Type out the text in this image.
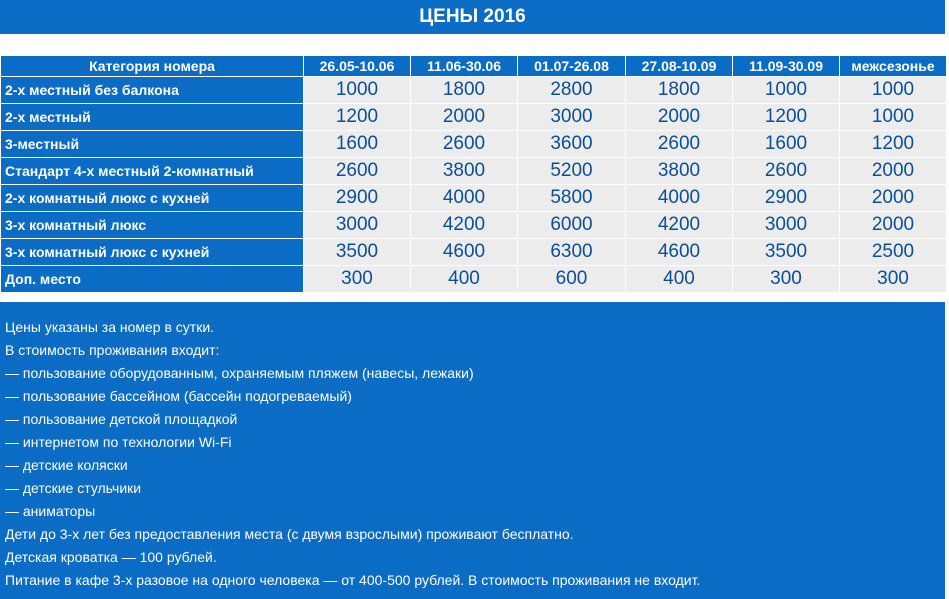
ЦЕНЫ 2016
Категория номера	26.05-10.06	11.06-30.06	01.07-26.08	27.08-10.09	11.09-30.09	межсезонье
2-х местный без балкона	1000	1800	2800	1800	1000	1000
2-х местный	1200	2000	3000	2000	1200	1000
3-местный	1600	2600	3600	2600	1600	1200
Стандарт 4-х местный 2-комнатный	2600	3800	5200	3800	2600	2000
2-х комнатный люкс с кухней	2900	4000	5800	4000	2900	2000
3-х комнатный люкс	3000	4200	6000	4200	3000	2000
3-х комнатный люкс с кухней	3500	4600	6300	4600	3500	2500
Доп. место	300	400	600	400	300	300
Цены указаны за номер в сутки.
В стоимость проживания входит:
— пользование оборудованным, охраняемым пляжем (навесы, лежаки)
— пользование бассейном (бассейн подогреваемый)
— пользование детской площадкой
— интернетом по технологии Wi-Fi
— детские коляски
— детские стульчики
— аниматоры
Дети до 3-х лет без предоставления места (с двумя взрослыми) проживают бесплатно.
Детская кроватка — 100 рублей.
Питание в кафе 3-х разовое на одного человека — от 400-500 рублей. В стоимость проживания не входит.
